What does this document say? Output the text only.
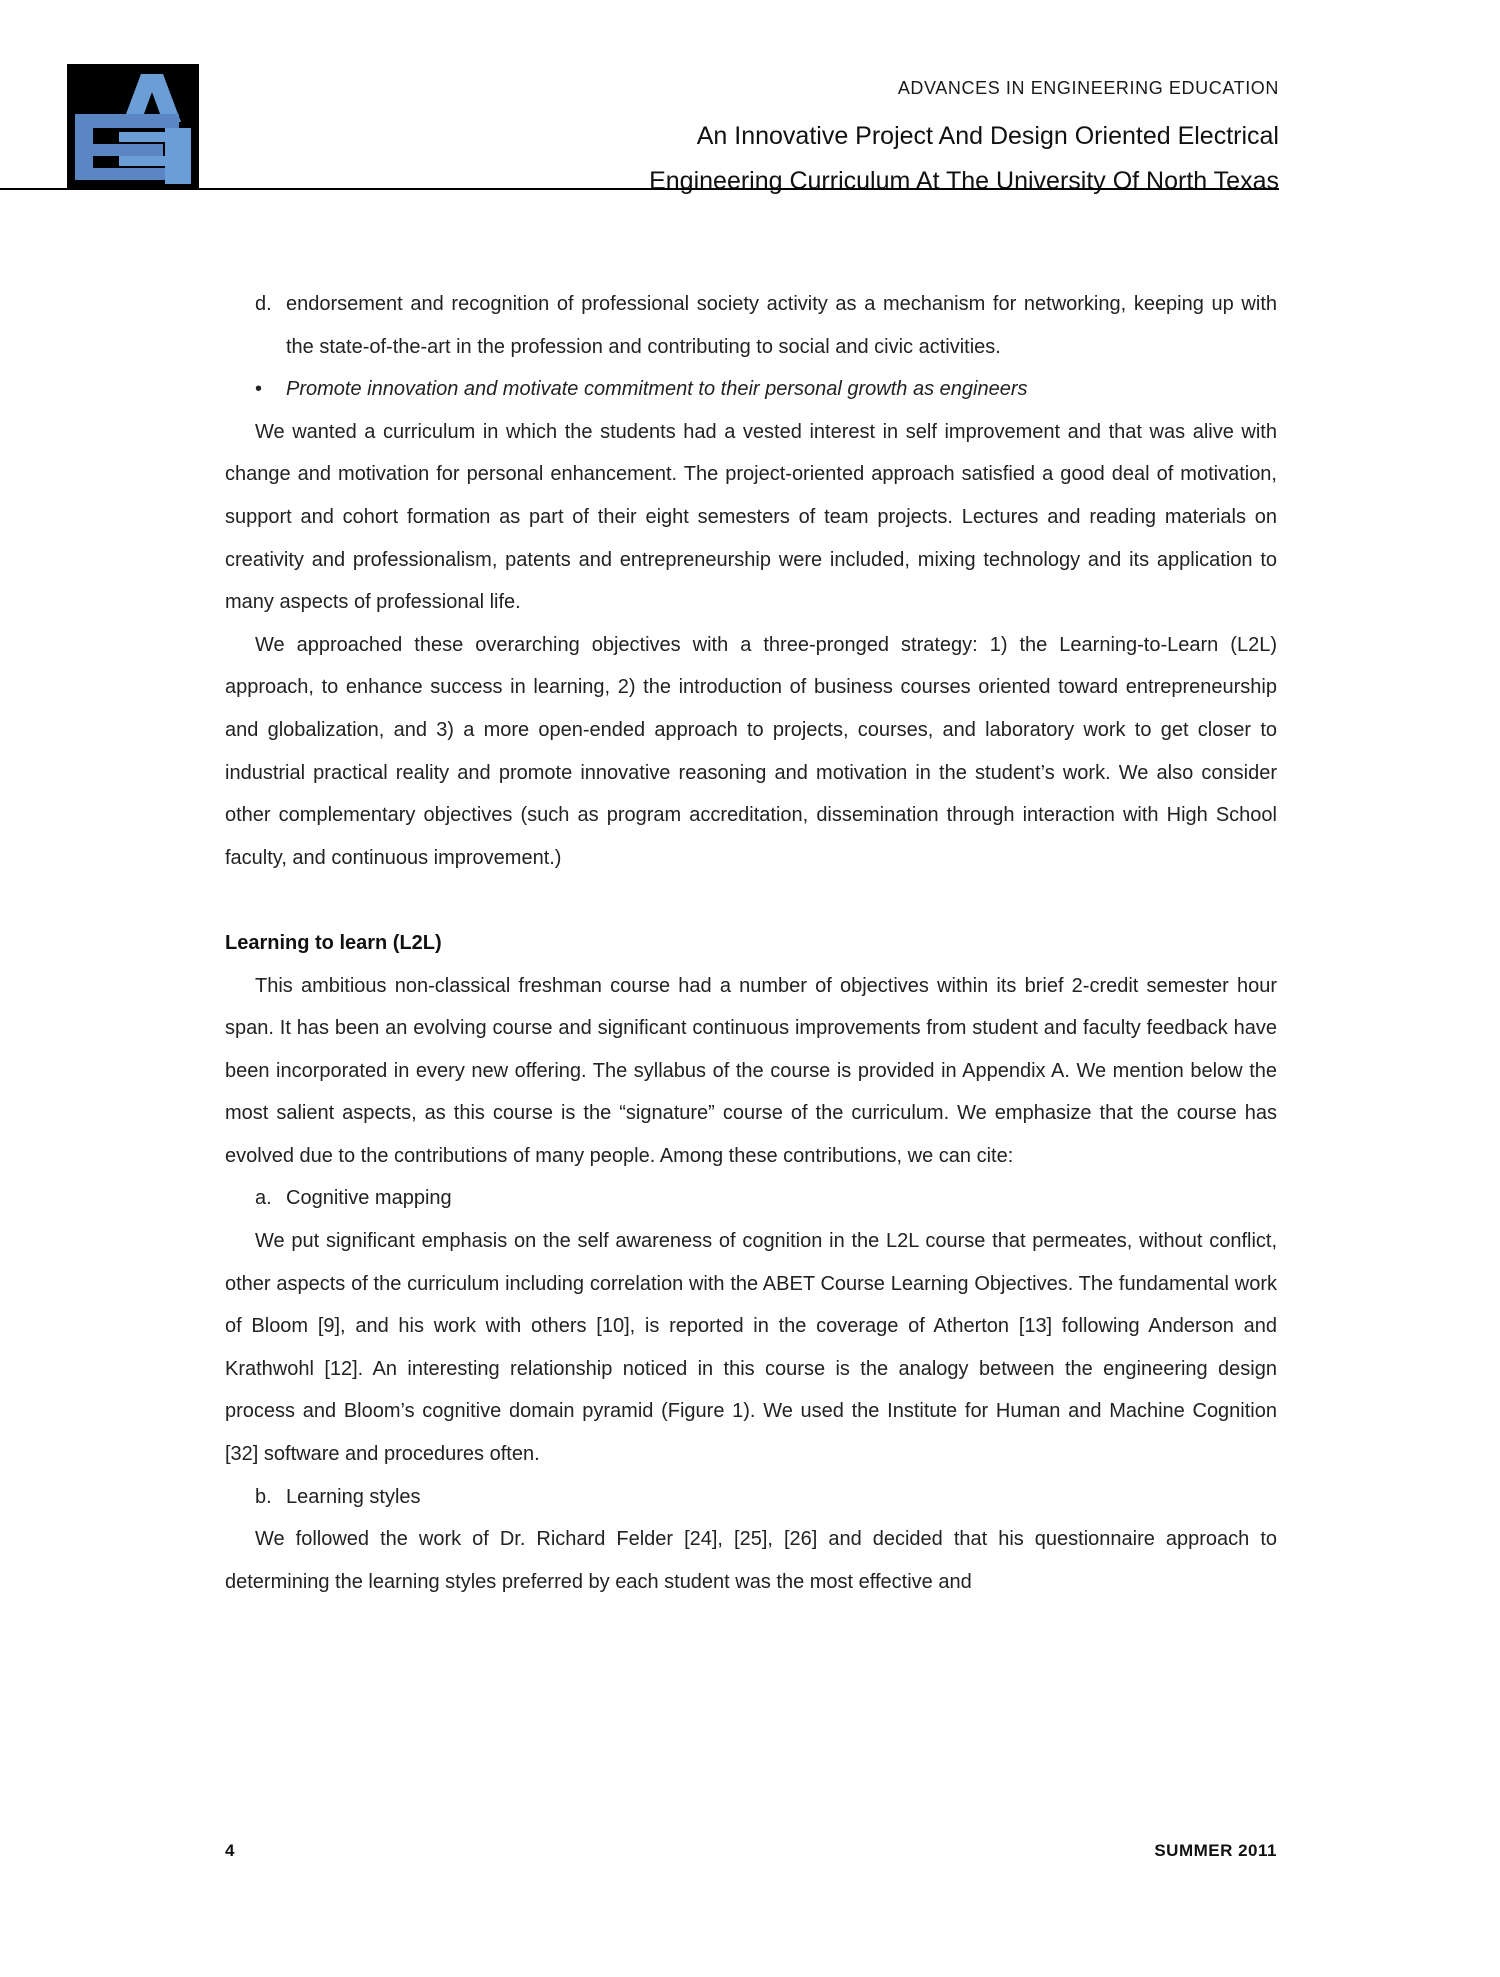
ADVANCES IN ENGINEERING EDUCATION
An Innovative Project And Design Oriented Electrical
Engineering Curriculum At The University Of North Texas
d. endorsement and recognition of professional society activity as a mechanism for networking, keeping up with the state-of-the-art in the profession and contributing to social and civic activities.
•	Promote innovation and motivate commitment to their personal growth as engineers

We wanted a curriculum in which the students had a vested interest in self improvement and that was alive with change and motivation for personal enhancement. The project-oriented approach satisfied a good deal of motivation, support and cohort formation as part of their eight semesters of team projects. Lectures and reading materials on creativity and professionalism, patents and entrepreneurship were included, mixing technology and its application to many aspects of professional life.

We approached these overarching objectives with a three-pronged strategy: 1) the Learning-to-Learn (L2L) approach, to enhance success in learning, 2) the introduction of business courses oriented toward entrepreneurship and globalization, and 3) a more open-ended approach to projects, courses, and laboratory work to get closer to industrial practical reality and promote innovative reasoning and motivation in the student’s work. We also consider other complementary objectives (such as program accreditation, dissemination through interaction with High School faculty, and continuous improvement.)

Learning to learn (L2L)

This ambitious non-classical freshman course had a number of objectives within its brief 2-credit semester hour span. It has been an evolving course and significant continuous improvements from student and faculty feedback have been incorporated in every new offering. The syllabus of the course is provided in Appendix A. We mention below the most salient aspects, as this course is the “signature” course of the curriculum. We emphasize that the course has evolved due to the contributions of many people. Among these contributions, we can cite:

a. Cognitive mapping

We put significant emphasis on the self awareness of cognition in the L2L course that permeates, without conflict, other aspects of the curriculum including correlation with the ABET Course Learning Objectives. The fundamental work of Bloom [9], and his work with others [10], is reported in the coverage of Atherton [13] following Anderson and Krathwohl [12]. An interesting relationship noticed in this course is the analogy between the engineering design process and Bloom’s cognitive domain pyramid (Figure 1). We used the Institute for Human and Machine Cognition [32] software and procedures often.

b. Learning styles

We followed the work of Dr. Richard Felder [24], [25], [26] and decided that his questionnaire approach to determining the learning styles preferred by each student was the most effective and

4	SUMMER 2011
